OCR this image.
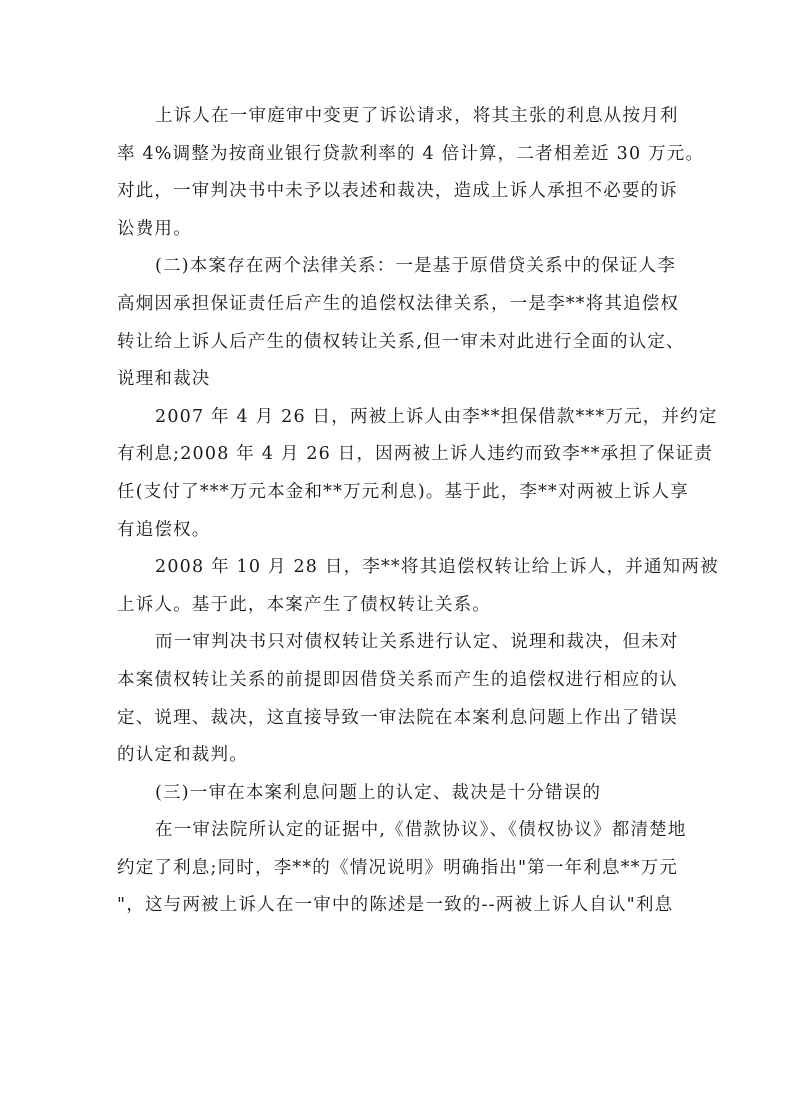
上诉人在一审庭审中变更了诉讼请求，将其主张的利息从按月利
率 4%调整为按商业银行贷款利率的 4 倍计算，二者相差近 30 万元。
对此，一审判决书中未予以表述和裁决，造成上诉人承担不必要的诉
讼费用。
(二)本案存在两个法律关系：一是基于原借贷关系中的保证人李
高炯因承担保证责任后产生的追偿权法律关系，一是李**将其追偿权
转让给上诉人后产生的债权转让关系,但一审未对此进行全面的认定、
说理和裁决
2007 年 4 月 26 日，两被上诉人由李**担保借款***万元，并约定
有利息;2008 年 4 月 26 日，因两被上诉人违约而致李**承担了保证责
任(支付了***万元本金和**万元利息)。基于此，李**对两被上诉人享
有追偿权。
2008 年 10 月 28 日，李**将其追偿权转让给上诉人，并通知两被
上诉人。基于此，本案产生了债权转让关系。
而一审判决书只对债权转让关系进行认定、说理和裁决，但未对
本案债权转让关系的前提即因借贷关系而产生的追偿权进行相应的认
定、说理、裁决，这直接导致一审法院在本案利息问题上作出了错误
的认定和裁判。
(三)一审在本案利息问题上的认定、裁决是十分错误的
在一审法院所认定的证据中,《借款协议》、《债权协议》都清楚地
约定了利息;同时，李**的《情况说明》明确指出"第一年利息**万元
"，这与两被上诉人在一审中的陈述是一致的--两被上诉人自认"利息
